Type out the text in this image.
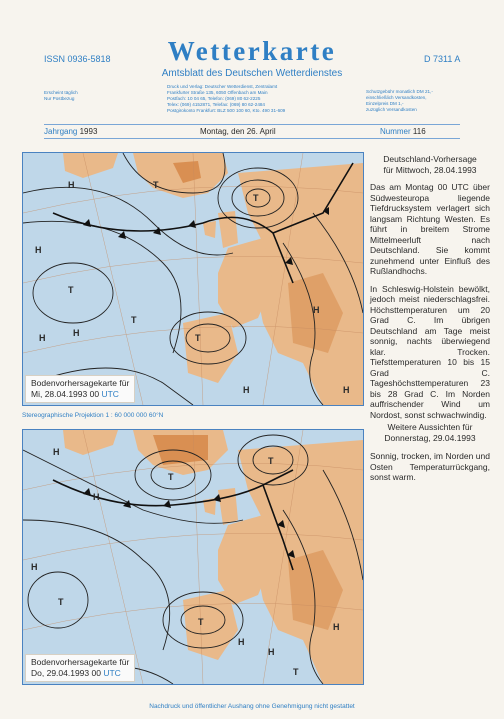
ISSN 0936-5818	Wetterkarte	D 7311 A
Amtsblatt des Deutschen Wetterdienstes
Erscheint täglich
Nur Postbezug
Druck und Verlag: Deutscher Wetterdienst, Zentralamt
Frankfurter Straße 135, 6050 Offenbach am Main
Postfach: 10 04 65, Telefon: (069) 80 62-2225
Telex: (069) 4152871, Telefax: (069) 80 62-2484
Postgirokonto Frankfurt: BLZ 500 100 60, Kto. 490 31-609
Schutzgebühr monatlich DM 21,-
einschließlich Versandkosten,
Einzelpreis DM 1,-
zuzüglich Versandkosten
Jahrgang 1993	Montag, den 26. April	Nummer 116
H
H
T
H
H
T
T
T
H
H
H
T
Bodenvorhersagekarte für
Mi, 28.04.1993 00 UTC
Stereographische Projektion 1 : 60 000 000 60°N
T
T
H
H
T
T
H
H
T
H
H
Bodenvorhersagekarte für
Do, 29.04.1993 00 UTC
Deutschland-Vorhersage
für Mittwoch, 28.04.1993

Das am Montag 00 UTC über Südwesteuropa liegende Tiefdrucksystem verlagert sich langsam Richtung Westen. Es führt in breitem Strome Mittelmeerluft nach Deutschland. Sie kommt zunehmend unter Einfluß des Rußlandhochs.

In Schleswig-Holstein bewölkt, jedoch meist niederschlagsfrei. Höchsttemperaturen um 20 Grad C. Im übrigen Deutschland am Tage meist sonnig, nachts überwiegend klar. Trocken. Tiefsttemperaturen 10 bis 15 Grad C. Tageshöchsttemperaturen 23 bis 28 Grad C. Im Norden auffrischender Wind um Nordost, sonst schwachwindig.

Weitere Aussichten für
Donnerstag, 29.04.1993

Sonnig, trocken, im Norden und Osten Temperaturrückgang, sonst warm.

Nachdruck und öffentlicher Aushang ohne Genehmigung nicht gestattet
